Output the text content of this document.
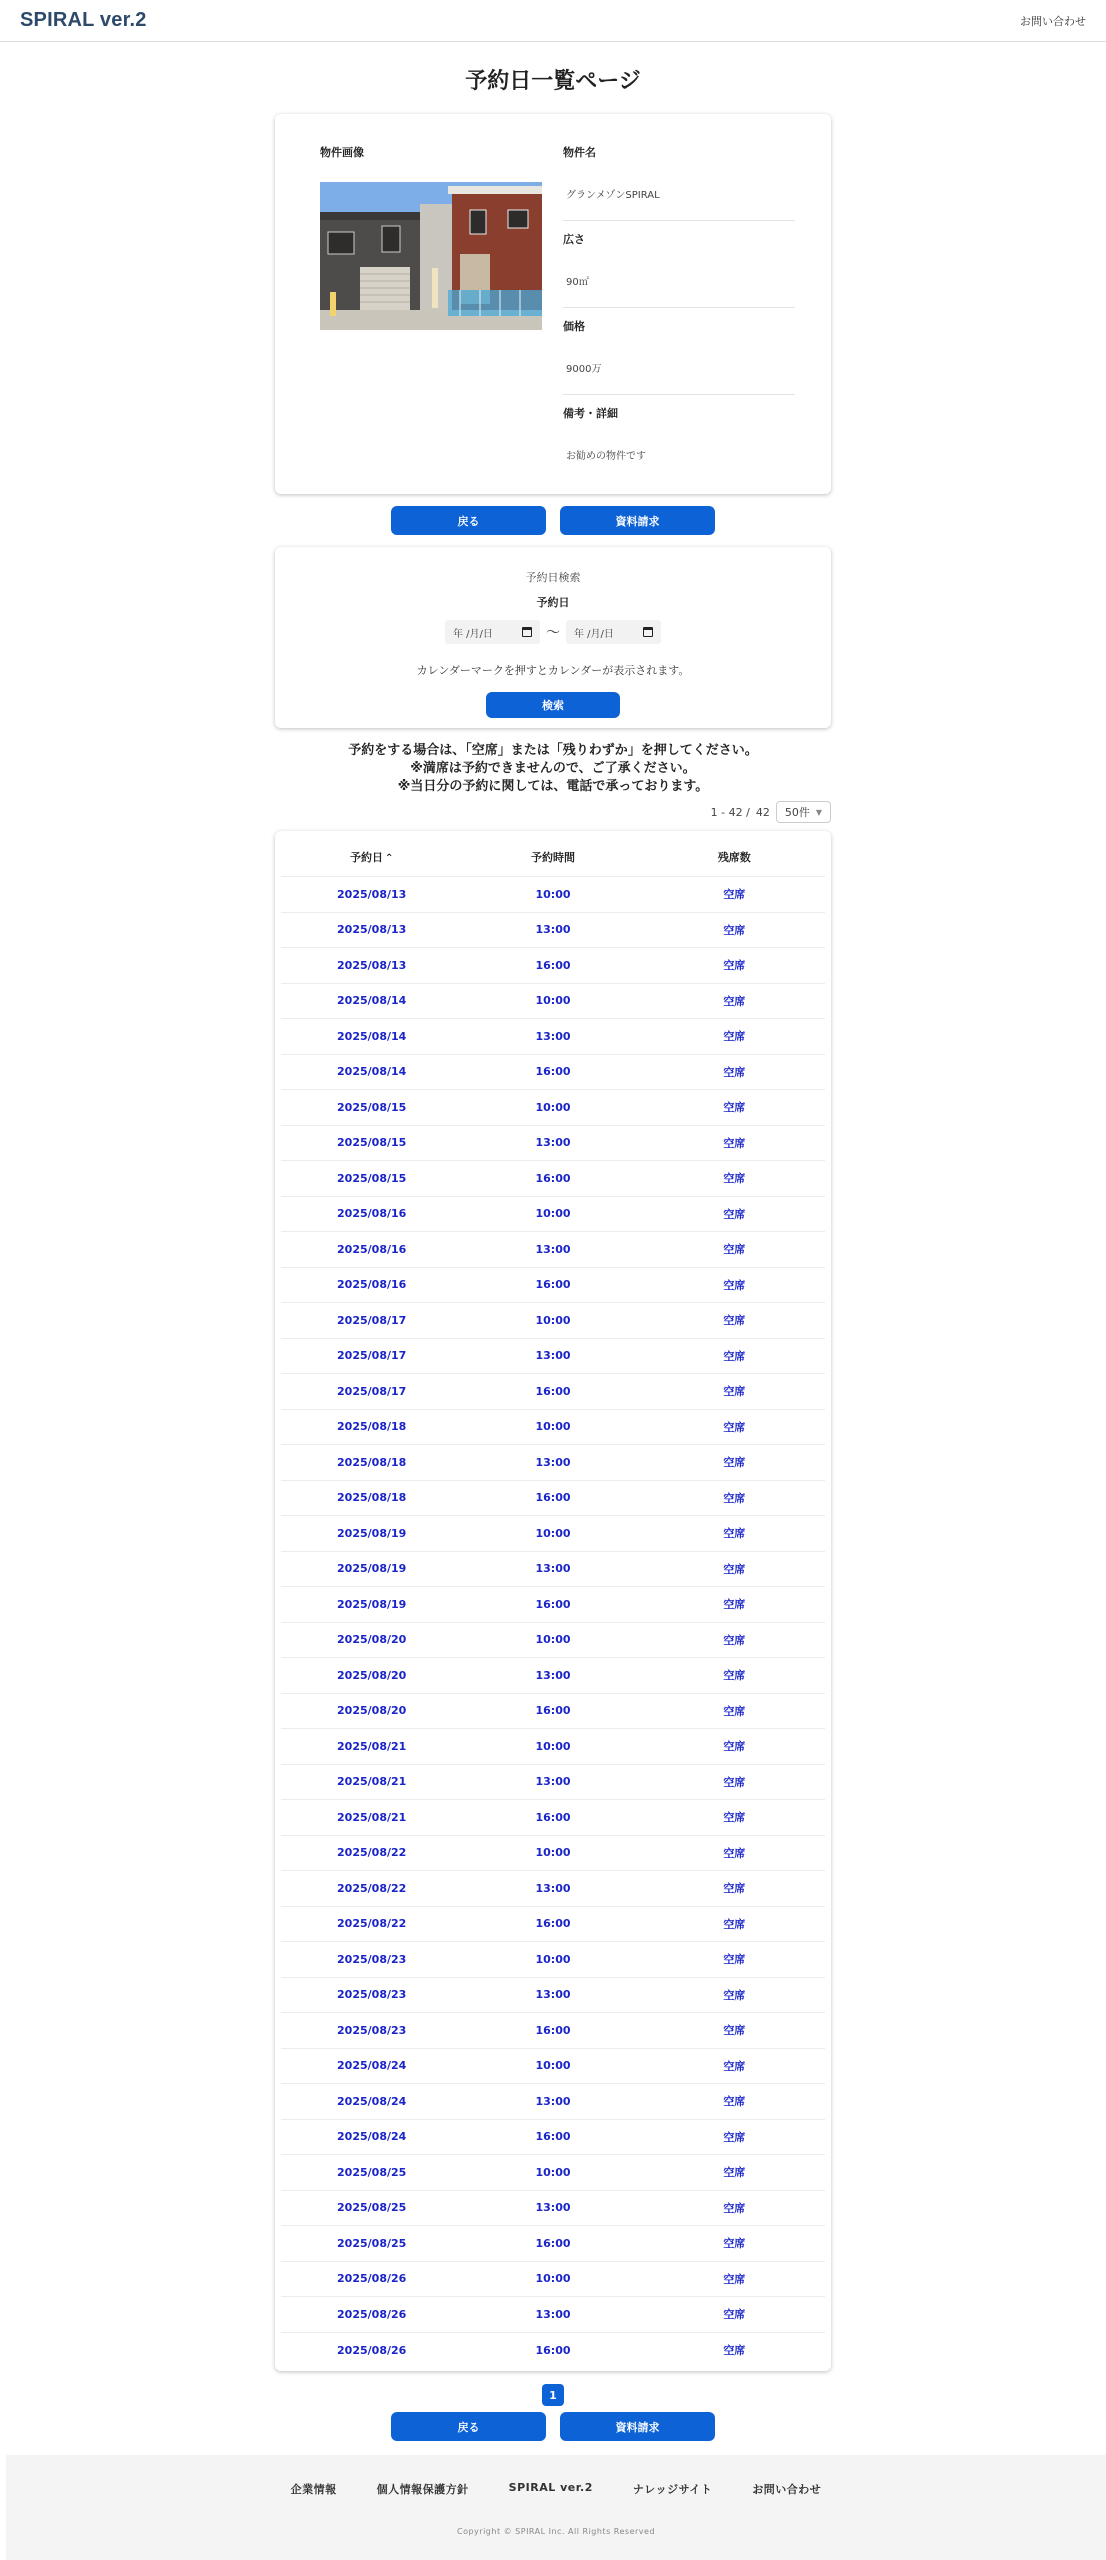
SPIRAL ver.2	お問い合わせ
予約日一覧ページ
物件画像	物件名
グランメゾンSPIRAL
広さ
90㎡
価格
9000万
備考・詳細
お勧めの物件です
戻る	資料請求
予約日検索
予約日
年 /月/日	〜 年 /月/日
カレンダーマークを押すとカレンダーが表示されます。
検索
予約をする場合は、「空席」または「残りわずか」を押してください。
※満席は予約できませんので、ご了承ください。
※当日分の予約に関しては、電話で承っております。
1 - 42 / 42 50件 ▼
予約日 ⌃	予約時間	残席数
2025/08/13	10:00	空席
2025/08/13	13:00	空席
2025/08/13	16:00	空席
2025/08/14	10:00	空席
2025/08/14	13:00	空席
2025/08/14	16:00	空席
2025/08/15	10:00	空席
2025/08/15	13:00	空席
2025/08/15	16:00	空席
2025/08/16	10:00	空席
2025/08/16	13:00	空席
2025/08/16	16:00	空席
2025/08/17	10:00	空席
2025/08/17	13:00	空席
2025/08/17	16:00	空席
2025/08/18	10:00	空席
2025/08/18	13:00	空席
2025/08/18	16:00	空席
2025/08/19	10:00	空席
2025/08/19	13:00	空席
2025/08/19	16:00	空席
2025/08/20	10:00	空席
2025/08/20	13:00	空席
2025/08/20	16:00	空席
2025/08/21	10:00	空席
2025/08/21	13:00	空席
2025/08/21	16:00	空席
2025/08/22	10:00	空席
2025/08/22	13:00	空席
2025/08/22	16:00	空席
2025/08/23	10:00	空席
2025/08/23	13:00	空席
2025/08/23	16:00	空席
2025/08/24	10:00	空席
2025/08/24	13:00	空席
2025/08/24	16:00	空席
2025/08/25	10:00	空席
2025/08/25	13:00	空席
2025/08/25	16:00	空席
2025/08/26	10:00	空席
2025/08/26	13:00	空席
2025/08/26	16:00	空席
1
戻る	資料請求
企業情報	個人情報保護方針	SPIRAL ver.2	ナレッジサイト	お問い合わせ
Copyright © SPIRAL Inc. All Rights Reserved
